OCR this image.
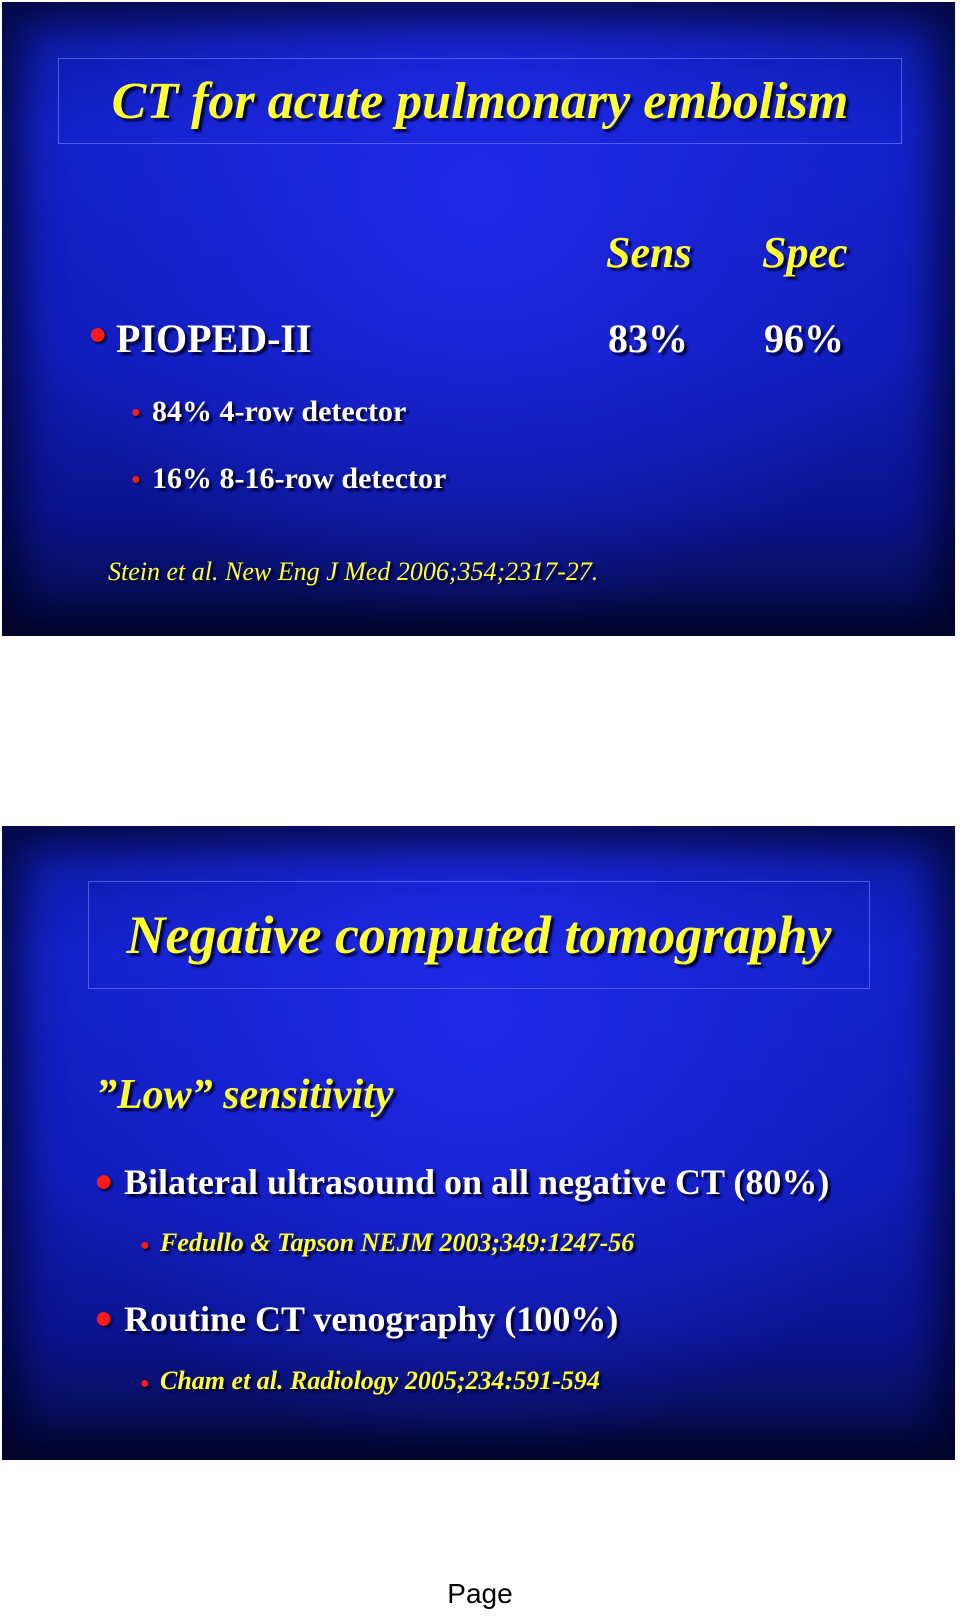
CT for acute pulmonary embolism
Sens Spec
● PIOPED-II	83% 96%
● 84% 4-row detector
● 16% 8-16-row detector
Stein et al. New Eng J Med 2006;354;2317-27.
Negative computed tomography
”Low” sensitivity
● Bilateral ultrasound on all negative CT (80%)
● Fedullo & Tapson NEJM 2003;349:1247-56
● Routine CT venography (100%)
● Cham et al. Radiology 2005;234:591-594
Page
